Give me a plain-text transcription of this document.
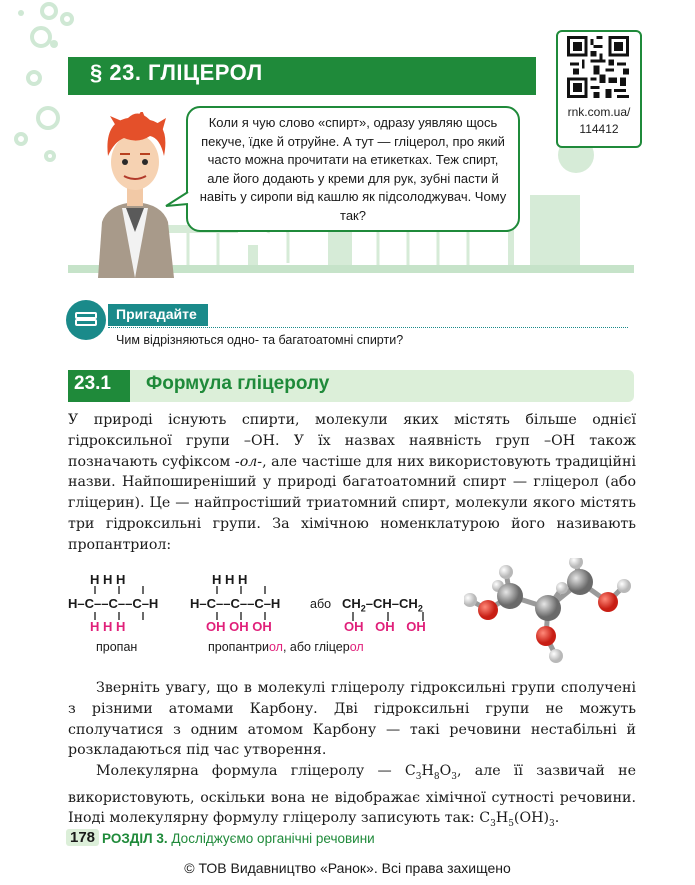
§ 23. ГЛІЦЕРОЛ
rnk.com.ua/
114412
Коли я чую слово «спирт», одразу уявляю щось пекуче, їдке й отруйне. А тут — гліцерол, про який часто можна прочитати на етикетках. Теж спирт, але його додають у креми для рук, зубні пасти й навіть у сиропи від кашлю як підсолоджувач. Чому так?
Пригадайте
Чим відрізняються одно- та багатоатомні спирти?
23.1 Формула гліцеролу
У природі існують спирти, молекули яких містять більше однієї гідроксильної групи –OH. У їх назвах наявність груп –OH також позначають суфіксом -ол-, але частіше для них використовують традиційні назви. Найпоширеніший у природі багатоатомний спирт — гліцерол (або гліцерин). Це — найпростіший триатомний спирт, молекули якого містять три гідроксильні групи. За хімічною номенклатурою його називають пропантриол:
H H H
H–C––C––C–H
H H H
пропан
H H H
H–C––C––C–H
OH OH OH
пропантриол, або гліцерол
або $CH_2-CH-CH_2$
OH OH OH
Зверніть увагу, що в молекулі гліцеролу гідроксильні групи сполучені з різними атомами Карбону. Дві гідроксильні групи не можуть сполучатися з одним атомом Карбону — такі речовини нестабільні й розкладаються під час утворення.
Молекулярна формула гліцеролу — $C_3H_8O_3$, але її зазвичай не використовують, оскільки вона не відображає хімічної сутності речовини. Іноді молекулярну формулу гліцеролу записують так: $C_3H_5(OH)_3$.
178 РОЗДІЛ 3. Досліджуємо органічні речовини
© ТОВ Видавництво «Ранок». Всі права захищено
